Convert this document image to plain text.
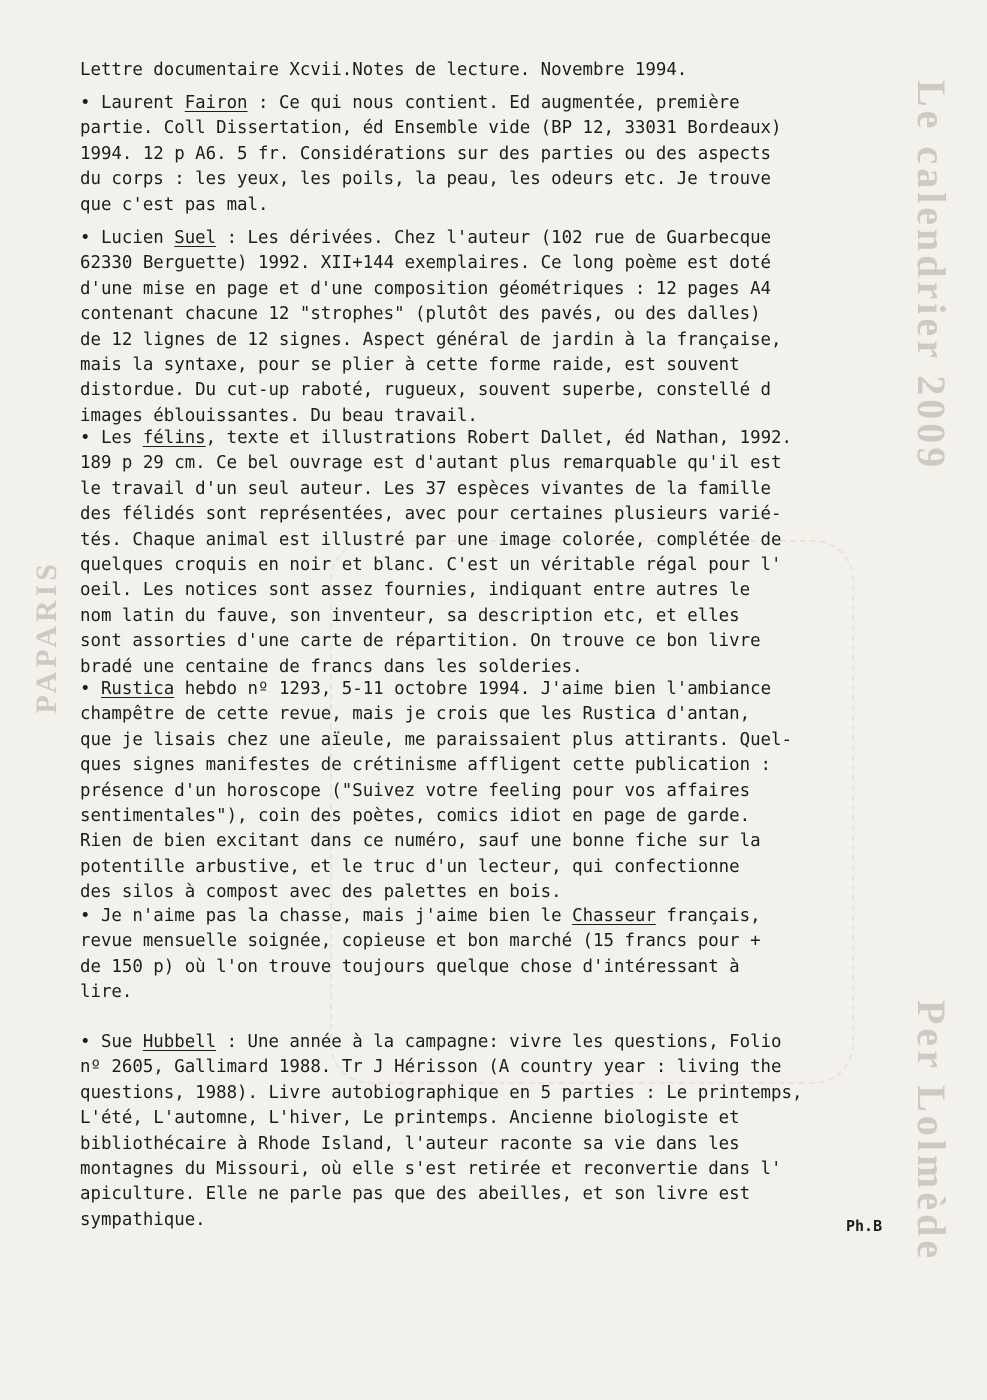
Le calendrier 2009
Per Lolmède
PAPARIS
Lettre documentaire Xcvii.Notes de lecture. Novembre 1994.
• Laurent Fairon : Ce qui nous contient. Ed augmentée, première
partie. Coll Dissertation, éd Ensemble vide (BP 12, 33031 Bordeaux)
1994. 12 p A6. 5 fr. Considérations sur des parties ou des aspects
du corps : les yeux, les poils, la peau, les odeurs etc. Je trouve
que c'est pas mal.
• Lucien Suel : Les dérivées. Chez l'auteur (102 rue de Guarbecque
62330 Berguette) 1992. XII+144 exemplaires. Ce long poème est doté
d'une mise en page et d'une composition géométriques : 12 pages A4
contenant chacune 12 "strophes" (plutôt des pavés, ou des dalles)
de 12 lignes de 12 signes. Aspect général de jardin à la française,
mais la syntaxe, pour se plier à cette forme raide, est souvent
distordue. Du cut-up raboté, rugueux, souvent superbe, constellé d
images éblouissantes. Du beau travail.
• Les félins, texte et illustrations Robert Dallet, éd Nathan, 1992.
189 p 29 cm. Ce bel ouvrage est d'autant plus remarquable qu'il est
le travail d'un seul auteur. Les 37 espèces vivantes de la famille
des félidés sont représentées, avec pour certaines plusieurs varié-
tés. Chaque animal est illustré par une image colorée, complétée de
quelques croquis en noir et blanc. C'est un véritable régal pour l'
oeil. Les notices sont assez fournies, indiquant entre autres le
nom latin du fauve, son inventeur, sa description etc, et elles
sont assorties d'une carte de répartition. On trouve ce bon livre
bradé une centaine de francs dans les solderies.
• Rustica hebdo nº 1293, 5-11 octobre 1994. J'aime bien l'ambiance
champêtre de cette revue, mais je crois que les Rustica d'antan,
que je lisais chez une aïeule, me paraissaient plus attirants. Quel-
ques signes manifestes de crétinisme affligent cette publication :
présence d'un horoscope ("Suivez votre feeling pour vos affaires
sentimentales"), coin des poètes, comics idiot en page de garde.
Rien de bien excitant dans ce numéro, sauf une bonne fiche sur la
potentille arbustive, et le truc d'un lecteur, qui confectionne
des silos à compost avec des palettes en bois.
• Je n'aime pas la chasse, mais j'aime bien le Chasseur français,
revue mensuelle soignée, copieuse et bon marché (15 francs pour +
de 150 p) où l'on trouve toujours quelque chose d'intéressant à
lire.
• Sue Hubbell : Une année à la campagne: vivre les questions, Folio
nº 2605, Gallimard 1988. Tr J Hérisson (A country year : living the
questions, 1988). Livre autobiographique en 5 parties : Le printemps,
L'été, L'automne, L'hiver, Le printemps. Ancienne biologiste et
bibliothécaire à Rhode Island, l'auteur raconte sa vie dans les
montagnes du Missouri, où elle s'est retirée et reconvertie dans l'
apiculture. Elle ne parle pas que des abeilles, et son livre est
sympathique.	Ph.B
